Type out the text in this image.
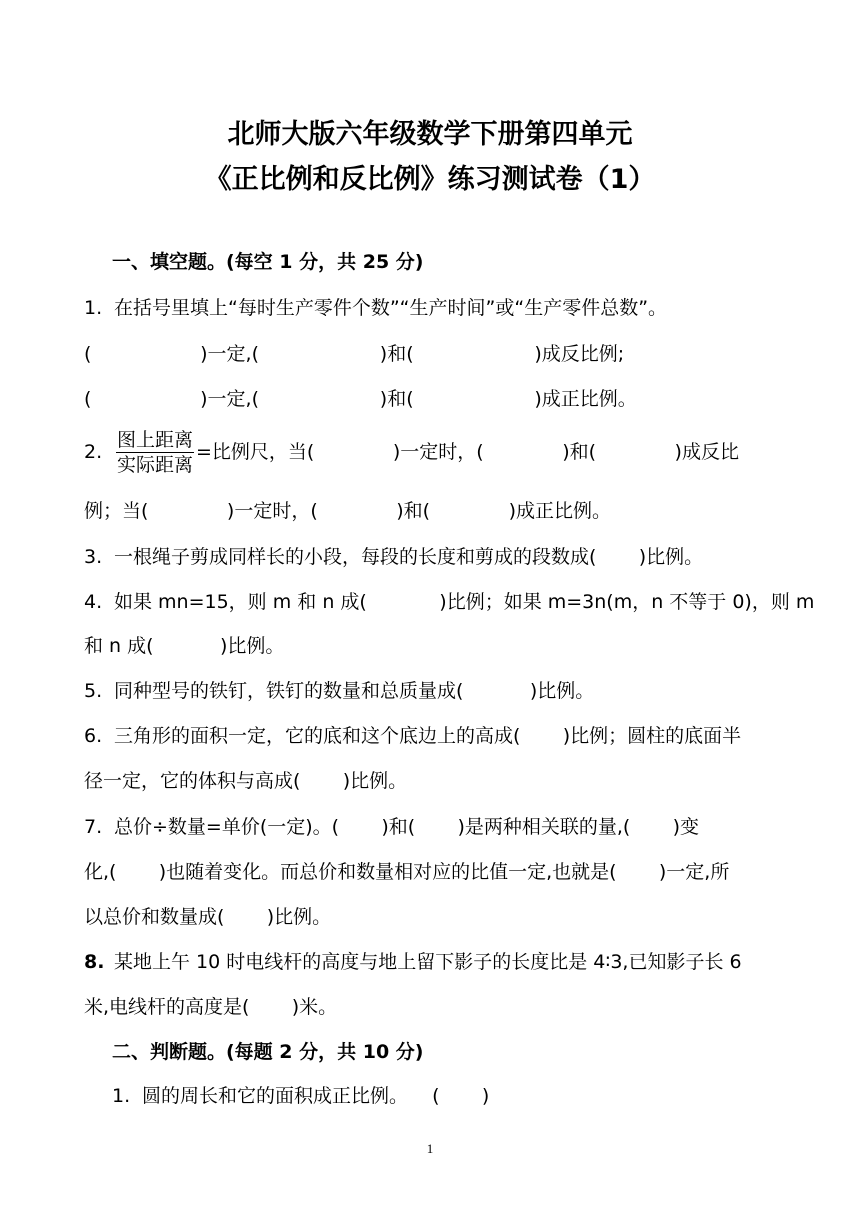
北师大版六年级数学下册第四单元
《正比例和反比例》练习测试卷（1）
一、填空题。(每空 1 分，共 25 分)
1. 在括号里填上“每时生产零件个数”“生产时间”或“生产零件总数”。
(                  )一定,(                    )和(                    )成反比例;
(                  )一定,(                    )和(                    )成正比例。
2. $\frac{\text{图上距离}}{\text{实际距离}}$ =比例尺，当(             )一定时，(             )和(             )成反比
例；当(             )一定时，(             )和(             )成正比例。
3. 一根绳子剪成同样长的小段，每段的长度和剪成的段数成(       )比例。
4. 如果 mn=15，则 m 和 n 成(            )比例；如果 m=3n(m，n 不等于 0)，则 m
和 n 成(           )比例。
5. 同种型号的铁钉，铁钉的数量和总质量成(           )比例。
6. 三角形的面积一定，它的底和这个底边上的高成(       )比例；圆柱的底面半
径一定，它的体积与高成(       )比例。
7. 总价÷数量=单价(一定)。(       )和(       )是两种相关联的量,(       )变
化,(       )也随着变化。而总价和数量相对应的比值一定,也就是(       )一定,所
以总价和数量成(       )比例。
8. 某地上午 10 时电线杆的高度与地上留下影子的长度比是 4∶3,已知影子长 6
米,电线杆的高度是(       )米。
二、判断题。(每题 2 分，共 10 分)
1. 圆的周长和它的面积成正比例。    (       )
1
